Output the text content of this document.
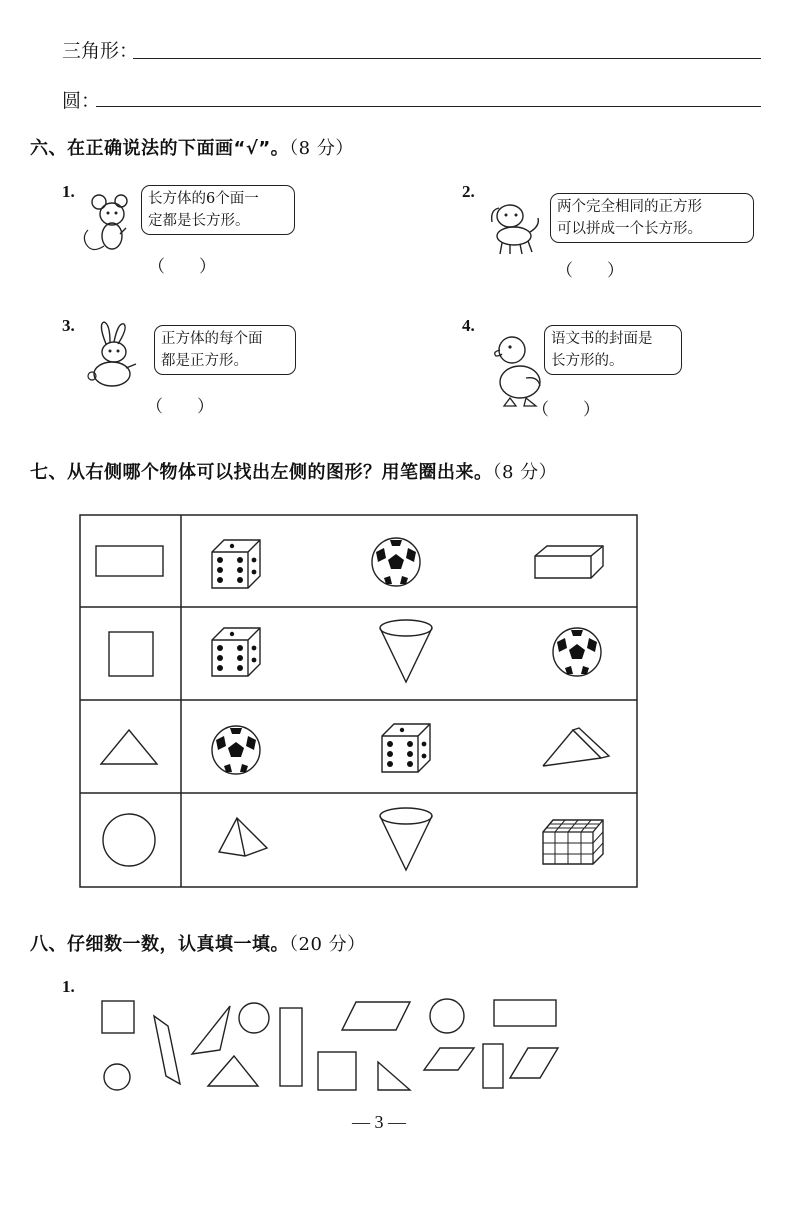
三角形：
圆：
六、在正确说法的下面画“√”。（8 分）
1.	长方体的6个面一
定都是长方形。
（　　）
2.
两个完全相同的正方形
可以拼成一个长方形。
（　　）
3.
正方体的每个面
都是正方形。
（　　）
4.
语文书的封面是
长方形的。
（　　）
七、从右侧哪个物体可以找出左侧的图形？用笔圈出来。（8 分）
八、仔细数一数，认真填一填。（20 分）
1.
— 3 —
